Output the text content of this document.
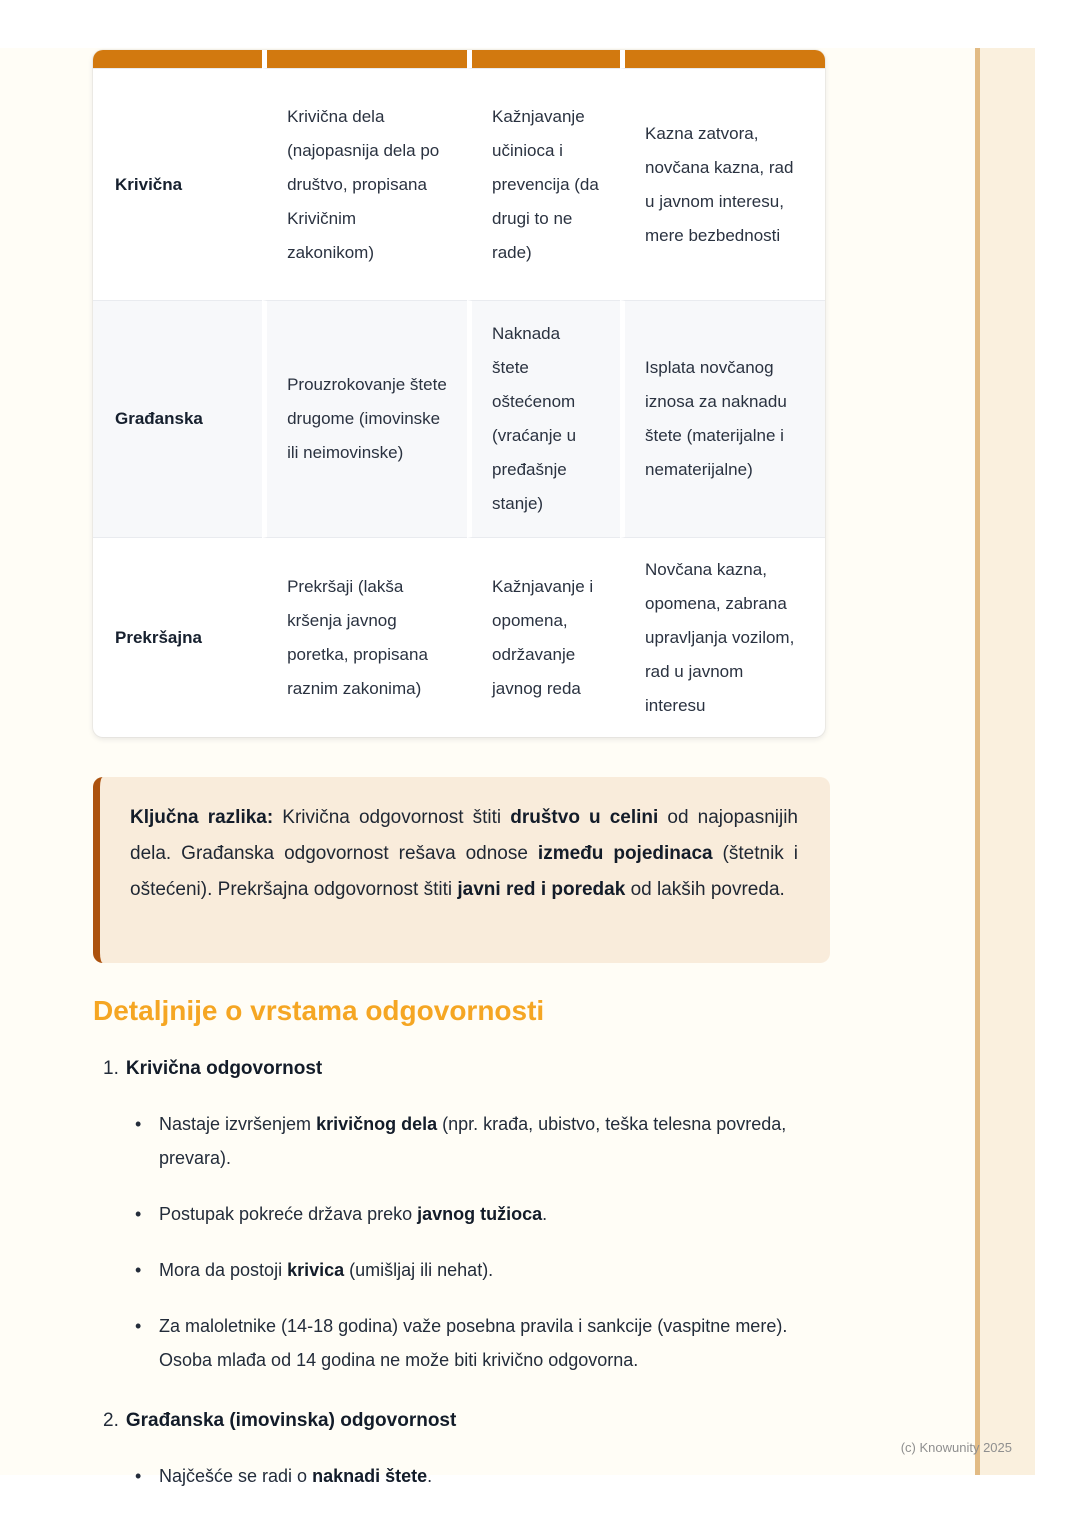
Krivična	Krivična dela (najopasnija dela po društvo, propisana Krivičnim zakonikom)	Kažnjavanje učinioca i prevencija (da drugi to ne rade)	Kazna zatvora, novčana kazna, rad u javnom interesu, mere bezbednosti
Građanska	Prouzrokovanje štete drugome (imovinske ili neimovinske)	Naknada štete oštećenom (vraćanje u pređašnje stanje)	Isplata novčanog iznosa za naknadu štete (materijalne i nematerijalne)
Prekršajna	Prekršaji (lakša kršenja javnog poretka, propisana raznim zakonima)	Kažnjavanje i opomena, održavanje javnog reda	Novčana kazna, opomena, zabrana upravljanja vozilom, rad u javnom interesu

Ključna razlika: Krivična odgovornost štiti društvo u celini od najopasnijih dela. Građanska odgovornost rešava odnose između pojedinaca (štetnik i oštećeni). Prekršajna odgovornost štiti javni red i poredak od lakših povreda.

Detaljnije o vrstama odgovornosti
1. Krivična odgovornost
• Nastaje izvršenjem krivičnog dela (npr. krađa, ubistvo, teška telesna povreda, prevara).
• Postupak pokreće država preko javnog tužioca.
• Mora da postoji krivica (umišljaj ili nehat).
• Za maloletnike (14-18 godina) važe posebna pravila i sankcije (vaspitne mere). Osoba mlađa od 14 godina ne može biti krivično odgovorna.
2. Građanska (imovinska) odgovornost
• Najčešće se radi o naknadi štete.
(c) Knowunity 2025
